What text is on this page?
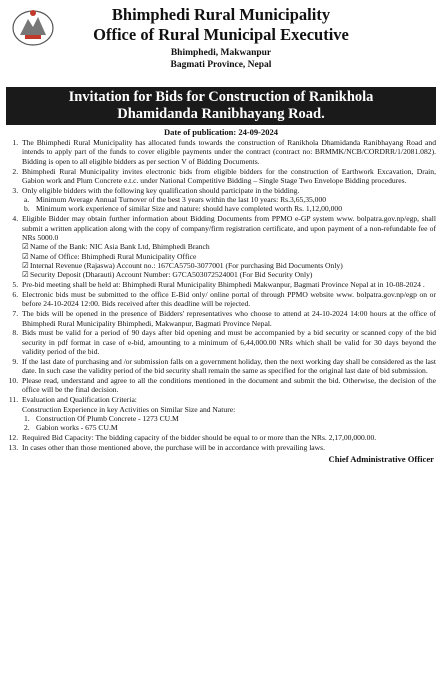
Bhimphedi Rural Municipality
Office of Rural Municipal Executive
Bhimphedi, Makwanpur
Bagmati Province, Nepal
Invitation for Bids for Construction of Ranikhola
Dhamidanda Ranibhayang Road.
Date of publication: 24-09-2024
1. The Bhimphedi Rural Municipality has allocated funds towards the construction of Ranikhola Dhamidanda Ranibhayang Road and intends to apply part of the funds to cover eligible payments under the contract (contract no: BRMMK/NCB/CORDRR/1/2081.082). Bidding is open to all eligible bidders as per section V of Bidding Documents.
2. Bhimphedi Rural Municipality invites electronic bids from eligible bidders for the construction of Earthwork Excavation, Drain, Gabion work and Plum Concrete e.t.c. under National Competitive Bidding – Single Stage Two Envelope Bidding procedures.
3. Only eligible bidders with the following key qualification should participate in the bidding.
a. Minimum Average Annual Turnover of the best 3 years within the last 10 years: Rs.3,65,35,000
b. Minimum work experience of similar Size and nature: should have completed worth Rs. 1,12,00,000
4. Eligible Bidder may obtain further information about Bidding Documents from PPMO e-GP system www. bolpatra.gov.np/egp, shall submit a written application along with the copy of company/firm registration certificate, and upon payment of a non-refundable fee of NRs 5000.0
☑Name of the Bank: NIC Asia Bank Ltd, Bhimphedi Branch
☑Name of Office: Bhimphedi Rural Municipality Office
☑Internal Revenue (Rajaswa) Account no.: 167CA5750-3077001 (For purchasing Bid Documents Only)
☑Security Deposit (Dharauti) Account Number: G7CA503072524001 (For Bid Security Only)
5. Pre-bid meeting shall be held at: Bhimphedi Rural Municipality Bhimphedi Makwanpur, Bagmati Province Nepal at in 10-08-2024 .
6. Electronic bids must be submitted to the office E-Bid only/ online portal of through PPMO website www. bolpatra.gov.np/egp on or before 24-10-2024 12:00. Bids received after this deadline will be rejected.
7. The bids will be opened in the presence of Bidders' representatives who choose to attend at 24-10-2024 14:00 hours at the office of Bhimphedi Rural Municipality Bhimphedi, Makwanpur, Bagmati Province Nepal.
8. Bids must be valid for a period of 90 days after bid opening and must be accompanied by a bid security or scanned copy of the bid security in pdf format in case of e-bid, amounting to a minimum of 6,44,000.00 NRs which shall be valid for 30 days beyond the validity period of the bid.
9. If the last date of purchasing and /or submission falls on a government holiday, then the next working day shall be considered as the last date. In such case the validity period of the bid security shall remain the same as specified for the original last date of bid submission.
10. Please read, understand and agree to all the conditions mentioned in the document and submit the bid. Otherwise, the decision of the office will be the final decision.
11. Evaluation and Qualification Criteria:
Construction Experience in key Activities on Similar Size and Nature:
1. Construction Of Plumb Concrete - 1273 CU.M
2. Gabion works - 675 CU.M
12. Required Bid Capacity: The bidding capacity of the bidder should be equal to or more than the NRs. 2,17,00,000.00.
13. In cases other than those mentioned above, the purchase will be in accordance with prevailing laws.
Chief Administrative Officer
